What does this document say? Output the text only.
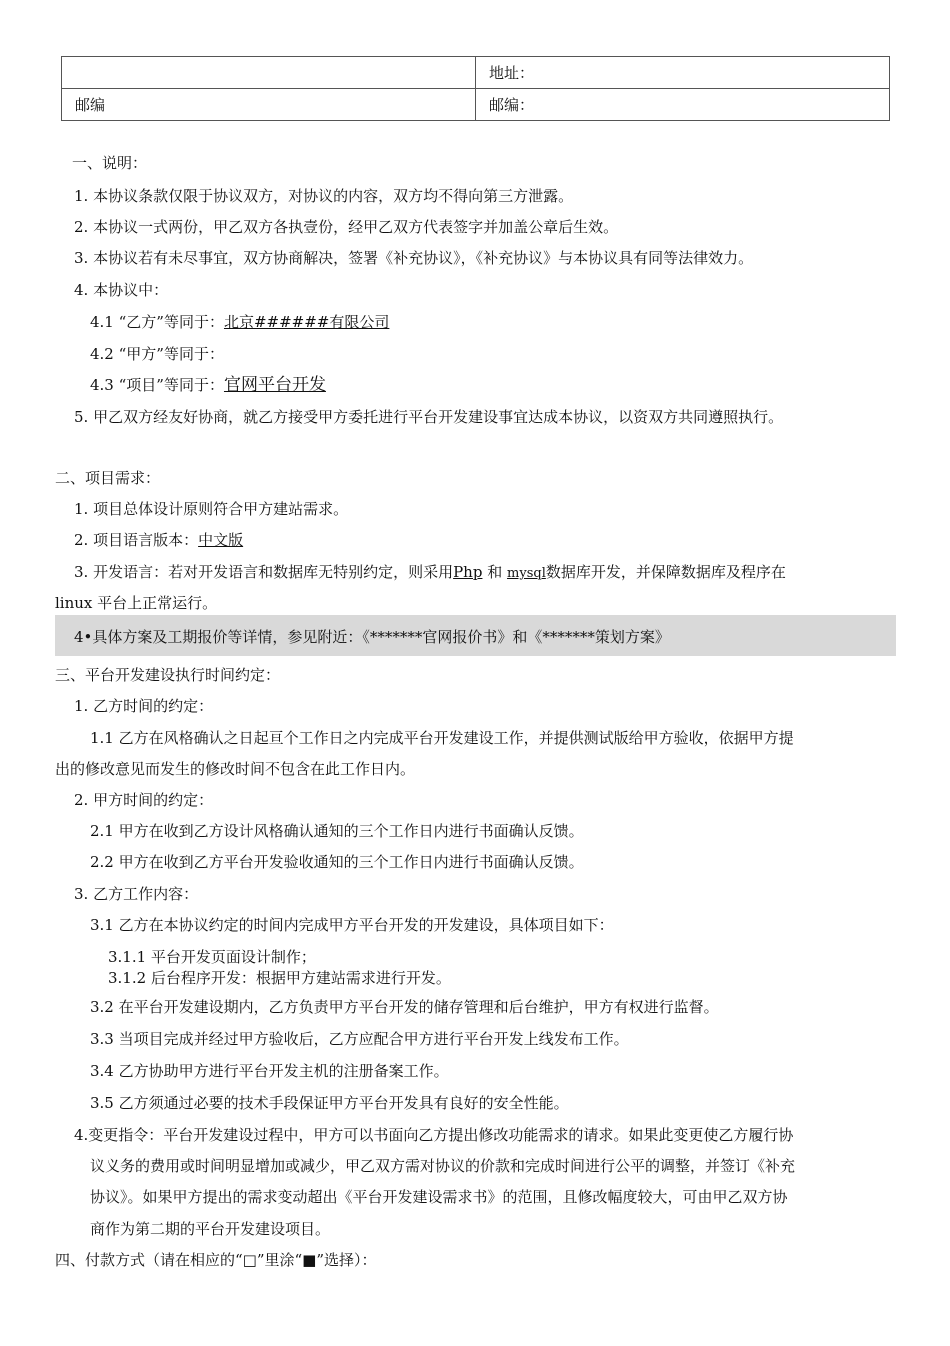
	地址：
邮编	邮编：
一、说明：
1. 本协议条款仅限于协议双方，对协议的内容，双方均不得向第三方泄露。
2. 本协议一式两份，甲乙双方各执壹份，经甲乙双方代表签字并加盖公章后生效。
3. 本协议若有未尽事宜，双方协商解决，签署《补充协议》，《补充协议》与本协议具有同等法律效力。
4. 本协议中：
4.1 “乙方”等同于：北京######有限公司
4.2 “甲方”等同于：
4.3 “项目”等同于：官网平台开发
5. 甲乙双方经友好协商，就乙方接受甲方委托进行平台开发建设事宜达成本协议，以资双方共同遵照执行。
二、项目需求：
1. 项目总体设计原则符合甲方建站需求。
2. 项目语言版本：中文版
3. 开发语言：若对开发语言和数据库无特别约定，则采用Php 和 mysql数据库开发，并保障数据库及程序在
linux 平台上正常运行。
4•具体方案及工期报价等详情，参见附近：《*******官网报价书》和《*******策划方案》
三、平台开发建设执行时间约定：
1. 乙方时间的约定：
1.1 乙方在风格确认之日起亘个工作日之内完成平台开发建设工作，并提供测试版给甲方验收，依据甲方提
出的修改意见而发生的修改时间不包含在此工作日内。
2. 甲方时间的约定：
2.1 甲方在收到乙方设计风格确认通知的三个工作日内进行书面确认反馈。
2.2 甲方在收到乙方平台开发验收通知的三个工作日内进行书面确认反馈。
3. 乙方工作内容：
3.1 乙方在本协议约定的时间内完成甲方平台开发的开发建设，具体项目如下：
3.1.1 平台开发页面设计制作；
3.1.2 后台程序开发：根据甲方建站需求进行开发。
3.2 在平台开发建设期内，乙方负责甲方平台开发的储存管理和后台维护，甲方有权进行监督。
3.3 当项目完成并经过甲方验收后，乙方应配合甲方进行平台开发上线发布工作。
3.4 乙方协助甲方进行平台开发主机的注册备案工作。
3.5 乙方须通过必要的技术手段保证甲方平台开发具有良好的安全性能。
4.变更指令：平台开发建设过程中，甲方可以书面向乙方提出修改功能需求的请求。如果此变更使乙方履行协
议义务的费用或时间明显增加或减少，甲乙双方需对协议的价款和完成时间进行公平的调整，并签订《补充
协议》。如果甲方提出的需求变动超出《平台开发建设需求书》的范围，且修改幅度较大，可由甲乙双方协
商作为第二期的平台开发建设项目。
四、付款方式（请在相应的“□”里涂“■”选择）：
